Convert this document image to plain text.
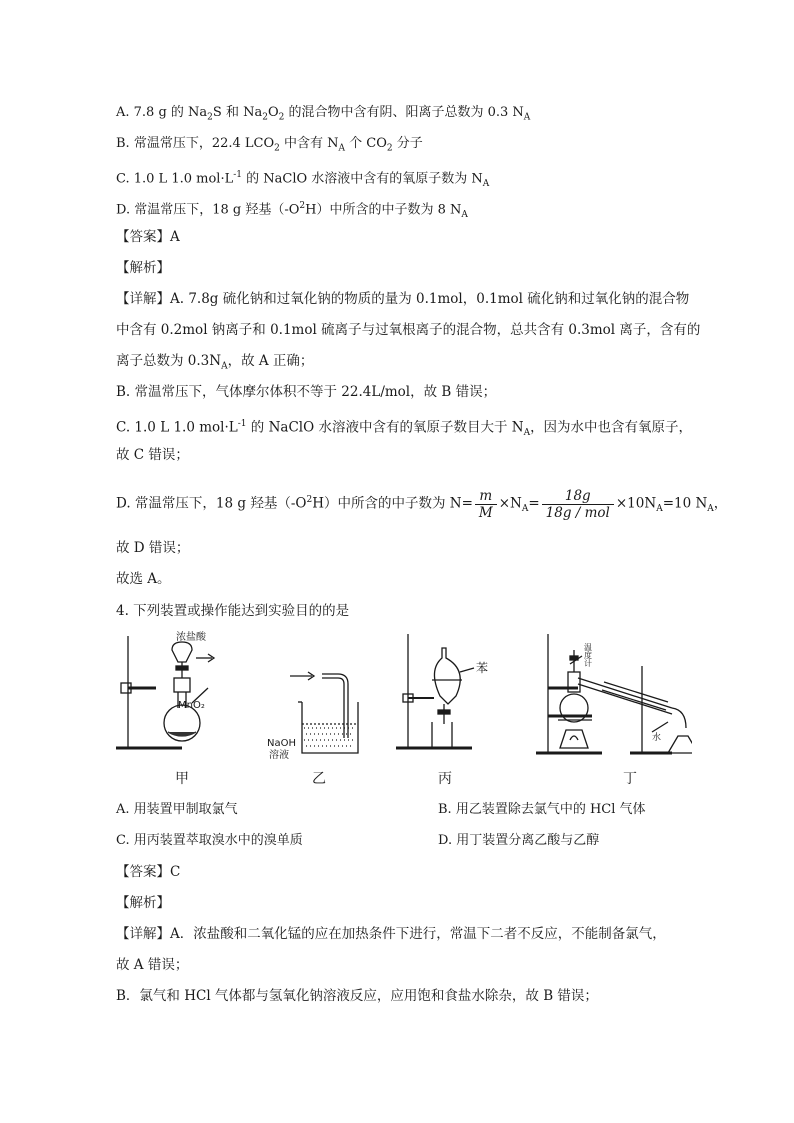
A. 7.8 g 的 $Na_2S$ 和 $Na_2O_2$ 的混合物中含有阴、阳离子总数为 0.3 $N_A$
B. 常温常压下，22.4 $LCO_2$ 中含有 $N_A$ 个 $CO_2$ 分子
C. 1.0 L 1.0 $mol\cdot L^{-1}$ 的 NaClO 水溶液中含有的氧原子数为 $N_A$
D. 常温常压下，18 g 羟基$(-O^2H)$中所含的中子数为 8 $N_A$
【答案】A
【解析】
【详解】A. 7.8g 硫化钠和过氧化钠的物质的量为 0.1mol，0.1mol 硫化钠和过氧化钠的混合物
中含有 0.2mol 钠离子和 0.1mol 硫离子与过氧根离子的混合物，总共含有 0.3mol 离子，含有的
离子总数为 $0.3N_A$，故 A 正确；
B. 常温常压下，气体摩尔体积不等于 22.4L/mol，故 B 错误；
C. 1.0 L 1.0 $mol\cdot L^{-1}$ 的 NaClO 水溶液中含有的氧原子数目大于 $N_A$，因为水中也含有氧原子，
故 C 错误；
D. 常温常压下，18 g 羟基$(-O^2H)$中所含的中子数为 $N= \frac{m}{M} \times N_A= \frac{18g}{\text{18g / mol}} \times 10N_A=10$ $N_A$，
故 D 错误；
故选 A。
4. 下列装置或操作能达到实验目的的是
浓盐酸
MnO₂
NaOH
溶液
苯
温
度
计
水
甲	乙	丙	丁
A. 用装置甲制取氯气	B. 用乙装置除去氯气中的 HCl 气体
C. 用丙装置萃取溴水中的溴单质	D. 用丁装置分离乙酸与乙醇
【答案】C
【解析】
【详解】A．浓盐酸和二氧化锰的应在加热条件下进行，常温下二者不反应，不能制备氯气，
故 A 错误；
B．氯气和 HCl 气体都与氢氧化钠溶液反应，应用饱和食盐水除杂，故 B 错误；
